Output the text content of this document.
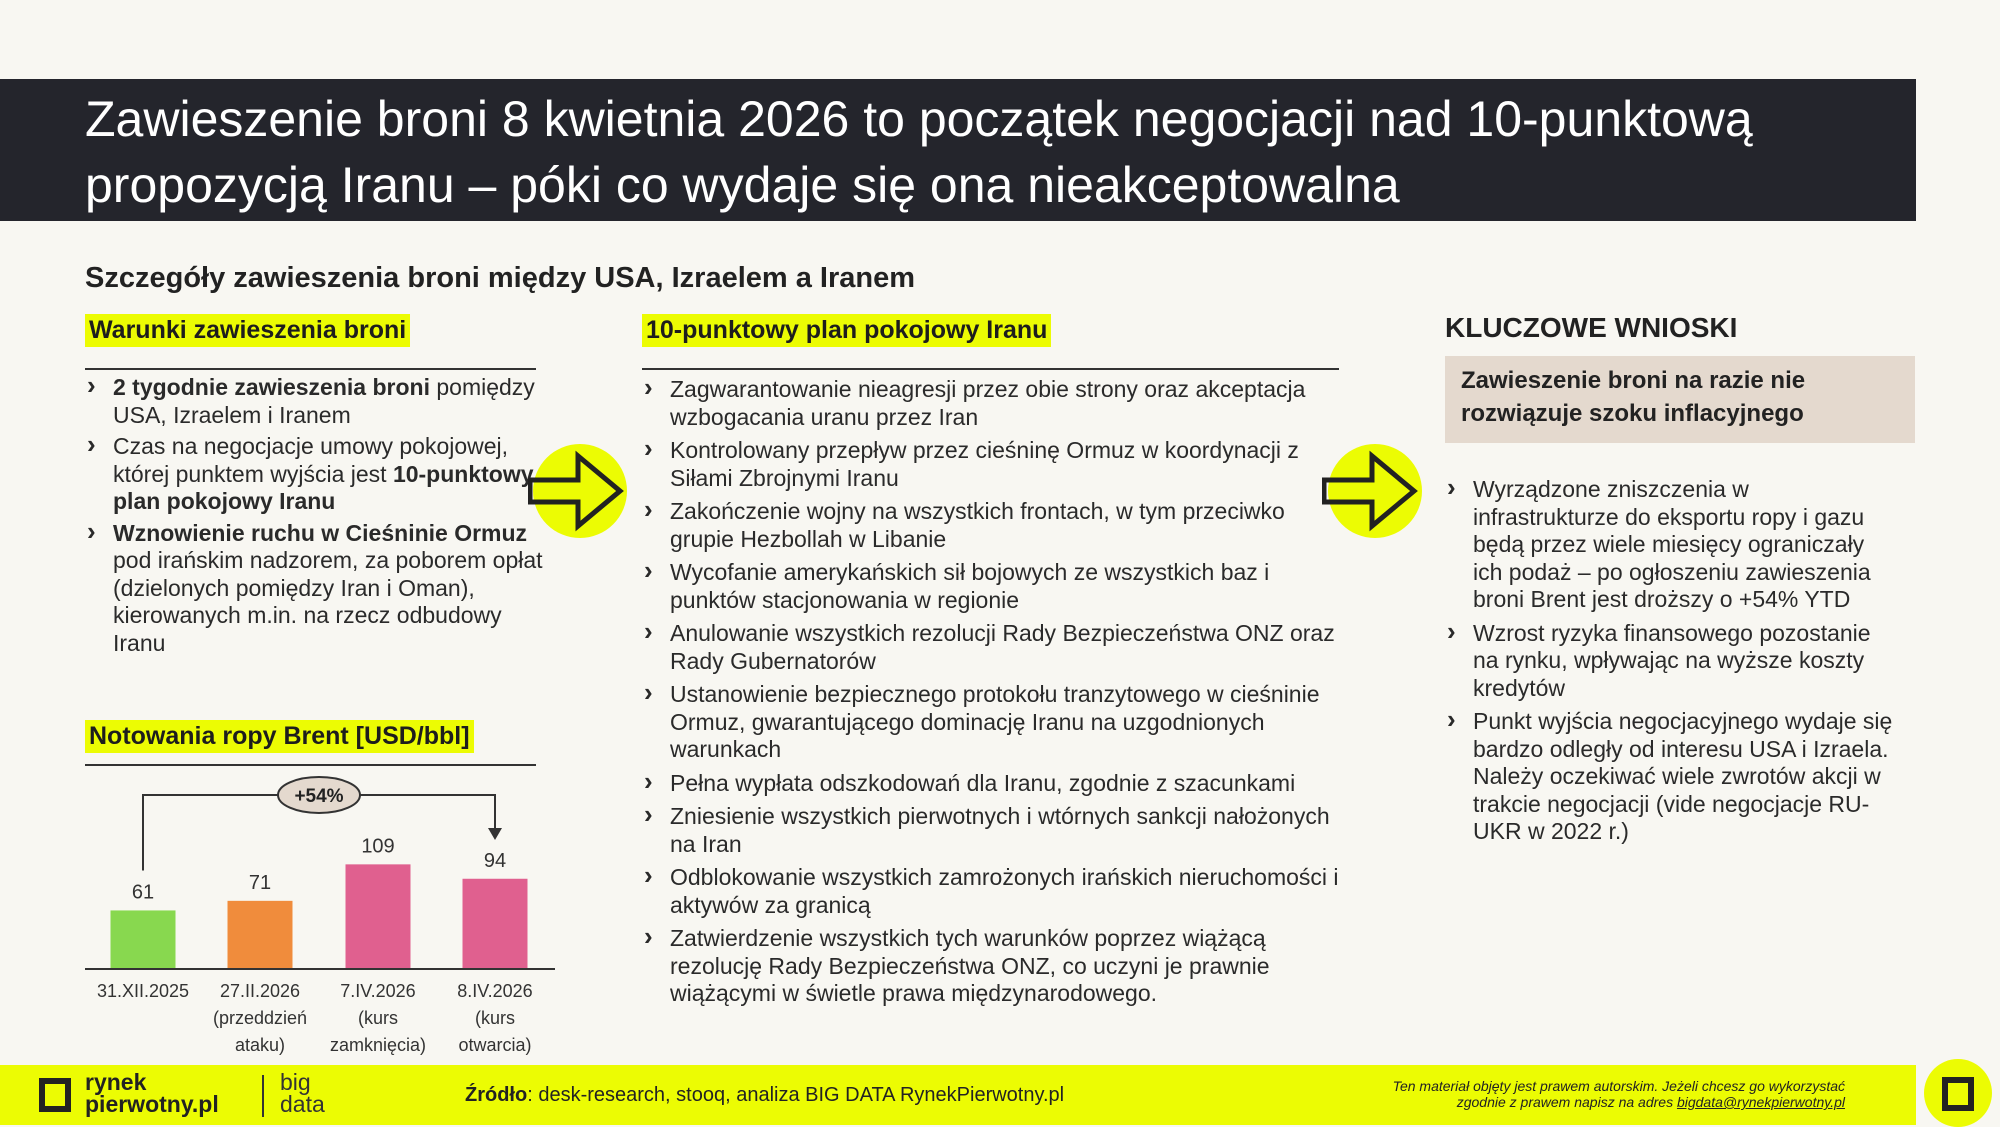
Zawieszenie broni 8 kwietnia 2026 to początek negocjacji nad 10-punktową propozycją Iranu – póki co wydaje się ona nieakceptowalna
Szczegóły zawieszenia broni między USA, Izraelem a Iranem
Warunki zawieszenia broni
› 2 tygodnie zawieszenia broni pomiędzy USA, Izraelem i Iranem
› Czas na negocjacje umowy pokojowej, której punktem wyjścia jest 10-punktowy plan pokojowy Iranu
› Wznowienie ruchu w Cieśninie Ormuz pod irańskim nadzorem, za poborem opłat (dzielonych pomiędzy Iran i Oman), kierowanych m.in. na rzecz odbudowy Iranu
Notowania ropy Brent [USD/bbl]
61
31.XII.2025
71
27.II.2026
(przeddzień
ataku)
109
7.IV.2026
(kurs
zamknięcia)
94
8.IV.2026
(kurs
otwarcia)
+54%
10-punktowy plan pokojowy Iranu
› Zagwarantowanie nieagresji przez obie strony oraz akceptacja wzbogacania uranu przez Iran
› Kontrolowany przepływ przez cieśninę Ormuz w koordynacji z Siłami Zbrojnymi Iranu
› Zakończenie wojny na wszystkich frontach, w tym przeciwko grupie Hezbollah w Libanie
› Wycofanie amerykańskich sił bojowych ze wszystkich baz i punktów stacjonowania w regionie
› Anulowanie wszystkich rezolucji Rady Bezpieczeństwa ONZ oraz Rady Gubernatorów
› Ustanowienie bezpiecznego protokołu tranzytowego w cieśninie Ormuz, gwarantującego dominację Iranu na uzgodnionych warunkach
› Pełna wypłata odszkodowań dla Iranu, zgodnie z szacunkami
› Zniesienie wszystkich pierwotnych i wtórnych sankcji nałożonych na Iran
› Odblokowanie wszystkich zamrożonych irańskich nieruchomości i aktywów za granicą
› Zatwierdzenie wszystkich tych warunków poprzez wiążącą rezolucję Rady Bezpieczeństwa ONZ, co uczyni je prawnie wiążącymi w świetle prawa międzynarodowego.
KLUCZOWE WNIOSKI
Zawieszenie broni na razie nie rozwiązuje szoku inflacyjnego
› Wyrządzone zniszczenia w infrastrukturze do eksportu ropy i gazu będą przez wiele miesięcy ograniczały ich podaż – po ogłoszeniu zawieszenia broni Brent jest droższy o +54% YTD
› Wzrost ryzyka finansowego pozostanie na rynku, wpływając na wyższe koszty kredytów
› Punkt wyjścia negocjacyjnego wydaje się bardzo odległy od interesu USA i Izraela. Należy oczekiwać wiele zwrotów akcji w trakcie negocjacji (vide negocjacje RU-UKR w 2022 r.)
rynek pierwotny.pl
big data	Źródło: desk-research, stooq, analiza BIG DATA RynekPierwotny.pl	Ten materiał objęty jest prawem autorskim. Jeżeli chcesz go wykorzystać
zgodnie z prawem napisz na adres bigdata@rynekpierwotny.pl
